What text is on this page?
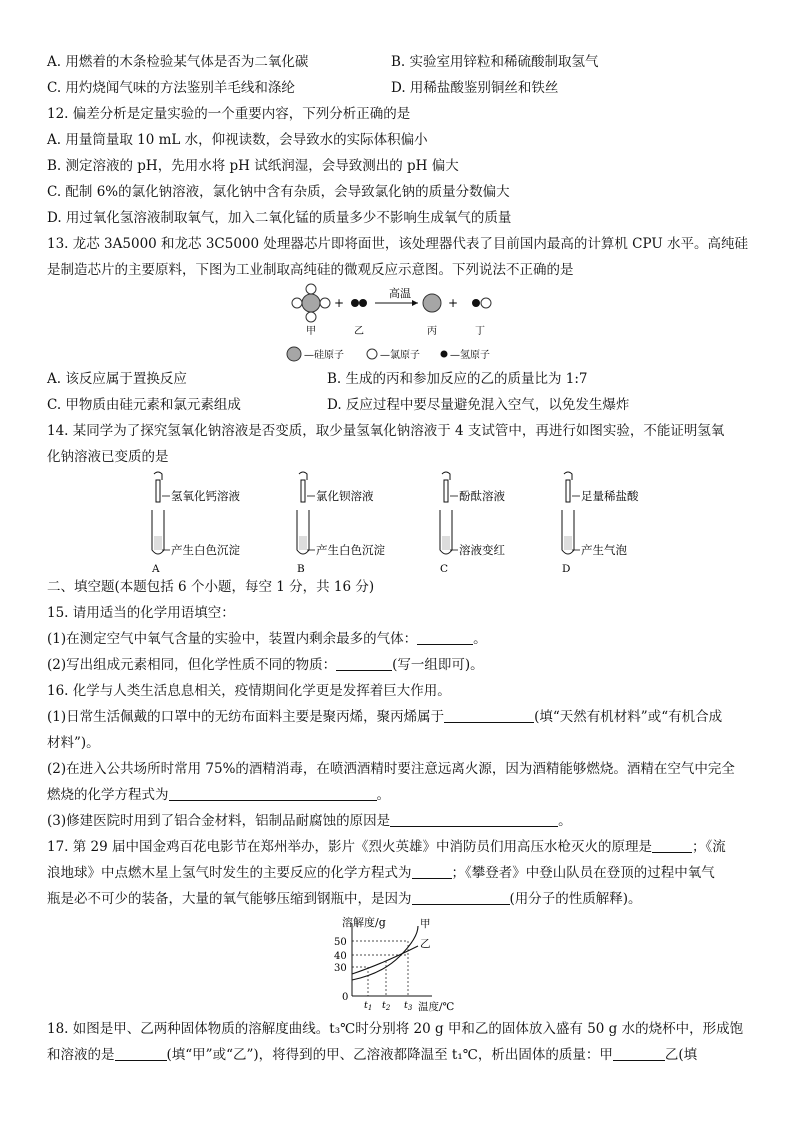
A. 用燃着的木条检验某气体是否为二氧化碳	B. 实验室用锌粒和稀硫酸制取氢气
C. 用灼烧闻气味的方法鉴别羊毛线和涤纶	D. 用稀盐酸鉴别铜丝和铁丝
12. 偏差分析是定量实验的一个重要内容，下列分析正确的是
A. 用量筒量取 10 mL 水，仰视读数，会导致水的实际体积偏小
B. 测定溶液的 pH，先用水将 pH 试纸润湿，会导致测出的 pH 偏大
C. 配制 6%的氯化钠溶液，氯化钠中含有杂质，会导致氯化钠的质量分数偏大
D. 用过氧化氢溶液制取氧气，加入二氧化锰的质量多少不影响生成氧气的质量
13. 龙芯 3A5000 和龙芯 3C5000 处理器芯片即将面世，该处理器代表了目前国内最高的计算机 CPU 水平。高纯硅
是制造芯片的主要原料，下图为工业制取高纯硅的微观反应示意图。下列说法不正确的是
+
高温
+
甲	乙	丙	丁
—硅原子	—氯原子	—氢原子
A. 该反应属于置换反应	B. 生成的丙和参加反应的乙的质量比为 1:7
C. 甲物质由硅元素和氯元素组成	D. 反应过程中要尽量避免混入空气，以免发生爆炸
14. 某同学为了探究氢氧化钠溶液是否变质，取少量氢氧化钠溶液于 4 支试管中，再进行如图实验，不能证明氢氧
化钠溶液已变质的是
氢氧化钙溶液
产生白色沉淀
A
氯化钡溶液
产生白色沉淀
B
酚酞溶液
溶液变红
C
足量稀盐酸
产生气泡
D
二、填空题(本题包括 6 个小题，每空 1 分，共 16 分)
15. 请用适当的化学用语填空：
(1)在测定空气中氧气含量的实验中，装置内剩余最多的气体：	。
(2)写出组成元素相同，但化学性质不同的物质：	(写一组即可)。
16. 化学与人类生活息息相关，疫情期间化学更是发挥着巨大作用。
(1)日常生活佩戴的口罩中的无纺布面料主要是聚丙烯，聚丙烯属于	(填“天然有机材料”或“有机合成
材料”)。
(2)在进入公共场所时常用 75%的酒精消毒，在喷洒酒精时要注意远离火源，因为酒精能够燃烧。酒精在空气中完全
燃烧的化学方程式为	。
(3)修建医院时用到了铝合金材料，铝制品耐腐蚀的原因是	。
17. 第 29 届中国金鸡百花电影节在郑州举办，影片《烈火英雄》中消防员们用高压水枪灭火的原理是	；《流
浪地球》中点燃木星上氢气时发生的主要反应的化学方程式为	；《攀登者》中登山队员在登顶的过程中氧气
瓶是必不可少的装备，大量的氧气能够压缩到钢瓶中，是因为	(用分子的性质解释)。
溶解度/g
温度/℃
50
40
30
0
甲
乙
$t_1$ $t_2$ $t_3$
18. 如图是甲、乙两种固体物质的溶解度曲线。t₃℃时分别将 20 g 甲和乙的固体放入盛有 50 g 水的烧杯中，形成饱
和溶液的是	(填“甲”或“乙”)，将得到的甲、乙溶液都降温至 t₁℃，析出固体的质量：甲	乙(填
